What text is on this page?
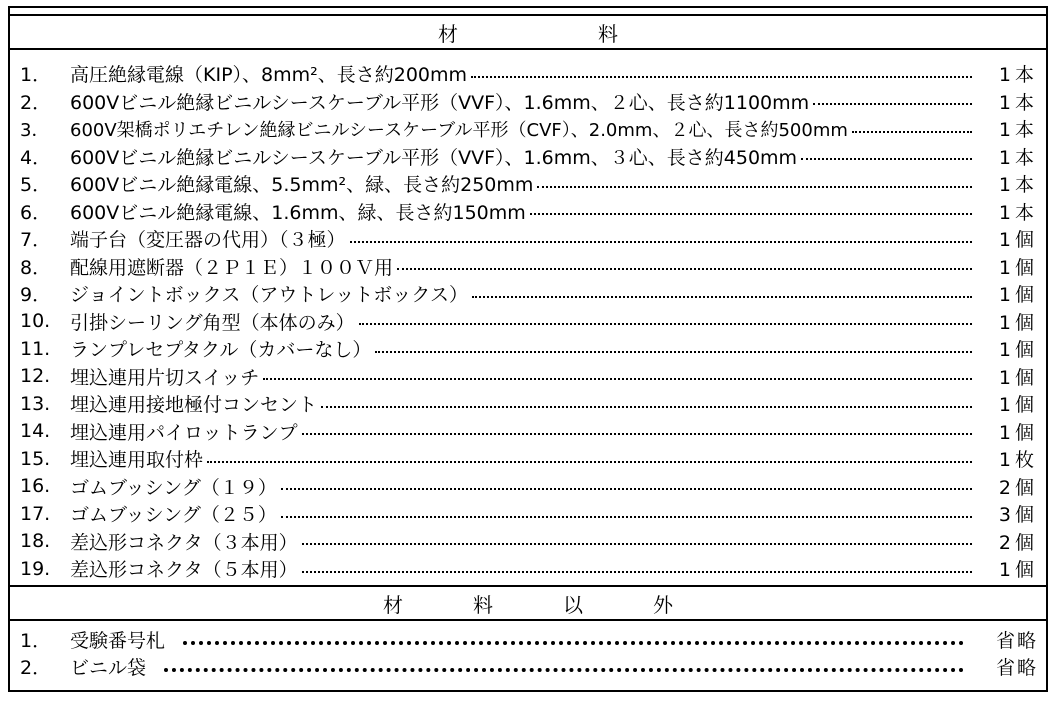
材	料
1． 高圧絶縁電線（KIP）、8mm²、長さ約200mm	1本
2． 600Vビニル絶縁ビニルシースケーブル平形（VVF）、1.6mm、２心、長さ約1100mm	1本
3．	600V架橋ポリエチレン絶縁ビニルシースケーブル平形（CVF）、2.0mm、２心、長さ約500mm	1本
4． 600Vビニル絶縁ビニルシースケーブル平形（VVF）、1.6mm、３心、長さ約450mm	1本
5． 600Vビニル絶縁電線、5.5mm²、緑、長さ約250mm	1本
6． 600Vビニル絶縁電線、1.6mm、緑、長さ約150mm	1本
7． 端子台（変圧器の代用）（３極）	1個
8． 配線用遮断器（２Ｐ１Ｅ）１００Ｖ用	1個
9． ジョイントボックス（アウトレットボックス）	1個
10.	引掛シーリング角型（本体のみ）	1個
11.	ランプレセプタクル（カバーなし）	1個
12.	埋込連用片切スイッチ	1個
13.	埋込連用接地極付コンセント	1個
14.	埋込連用パイロットランプ	1個
15.	埋込連用取付枠	1枚
16.	ゴムブッシング（１９）	2個
17.	ゴムブッシング（２５）	3個
18.	差込形コネクタ（３本用）	2個
19.	差込形コネクタ（５本用）	1個
材	料	以	外
1． 受験番号札	省略
2． ビニル袋	省略
